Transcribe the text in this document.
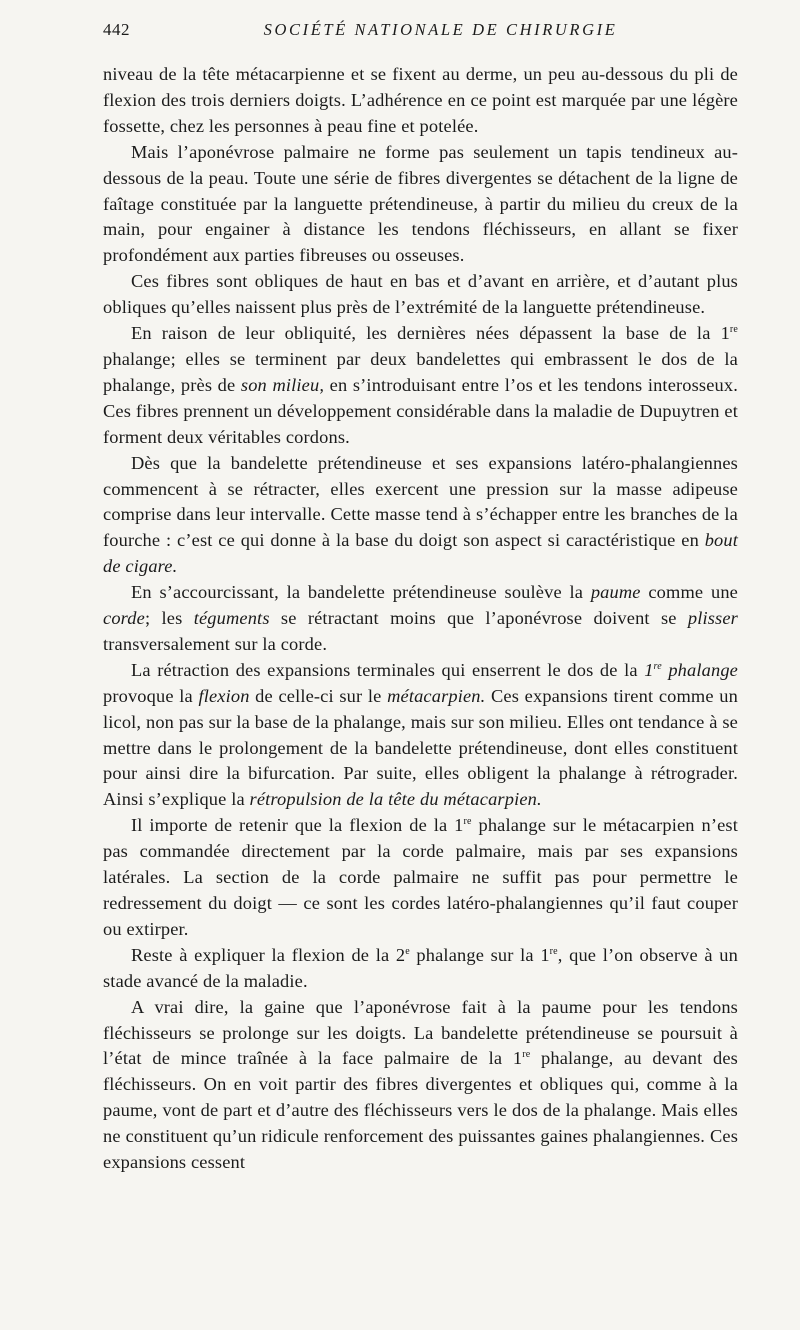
442	SOCIÉTÉ NATIONALE DE CHIRURGIE

niveau de la tête métacarpienne et se fixent au derme, un peu au-dessous du pli de flexion des trois derniers doigts. L’adhérence en ce point est marquée par une légère fossette, chez les personnes à peau fine et potelée.

Mais l’aponévrose palmaire ne forme pas seulement un tapis tendineux au-dessous de la peau. Toute une série de fibres divergentes se détachent de la ligne de faîtage constituée par la languette prétendineuse, à partir du milieu du creux de la main, pour engainer à distance les tendons fléchisseurs, en allant se fixer profondément aux parties fibreuses ou osseuses.

Ces fibres sont obliques de haut en bas et d’avant en arrière, et d’autant plus obliques qu’elles naissent plus près de l’extrémité de la languette prétendineuse.

En raison de leur obliquité, les dernières nées dépassent la base de la 1re phalange; elles se terminent par deux bandelettes qui embrassent le dos de la phalange, près de son milieu, en s’introduisant entre l’os et les tendons interosseux. Ces fibres prennent un développement considérable dans la maladie de Dupuytren et forment deux véritables cordons.

Dès que la bandelette prétendineuse et ses expansions latéro-phalangiennes commencent à se rétracter, elles exercent une pression sur la masse adipeuse comprise dans leur intervalle. Cette masse tend à s’échapper entre les branches de la fourche : c’est ce qui donne à la base du doigt son aspect si caractéristique en bout de cigare.

En s’accourcissant, la bandelette prétendineuse soulève la paume comme une corde; les téguments se rétractant moins que l’aponévrose doivent se plisser transversalement sur la corde.

La rétraction des expansions terminales qui enserrent le dos de la 1re phalange provoque la flexion de celle-ci sur le métacarpien. Ces expansions tirent comme un licol, non pas sur la base de la phalange, mais sur son milieu. Elles ont tendance à se mettre dans le prolongement de la bandelette prétendineuse, dont elles constituent pour ainsi dire la bifurcation. Par suite, elles obligent la phalange à rétrograder. Ainsi s’explique la rétropulsion de la tête du métacarpien.

Il importe de retenir que la flexion de la 1re phalange sur le métacarpien n’est pas commandée directement par la corde palmaire, mais par ses expansions latérales. La section de la corde palmaire ne suffit pas pour permettre le redressement du doigt — ce sont les cordes latéro-phalangiennes qu’il faut couper ou extirper.

Reste à expliquer la flexion de la 2e phalange sur la 1re, que l’on observe à un stade avancé de la maladie.

A vrai dire, la gaine que l’aponévrose fait à la paume pour les tendons fléchisseurs se prolonge sur les doigts. La bandelette prétendineuse se poursuit à l’état de mince traînée à la face palmaire de la 1re phalange, au devant des fléchisseurs. On en voit partir des fibres divergentes et obliques qui, comme à la paume, vont de part et d’autre des fléchisseurs vers le dos de la phalange. Mais elles ne constituent qu’un ridicule renforcement des puissantes gaines phalangiennes. Ces expansions cessent
